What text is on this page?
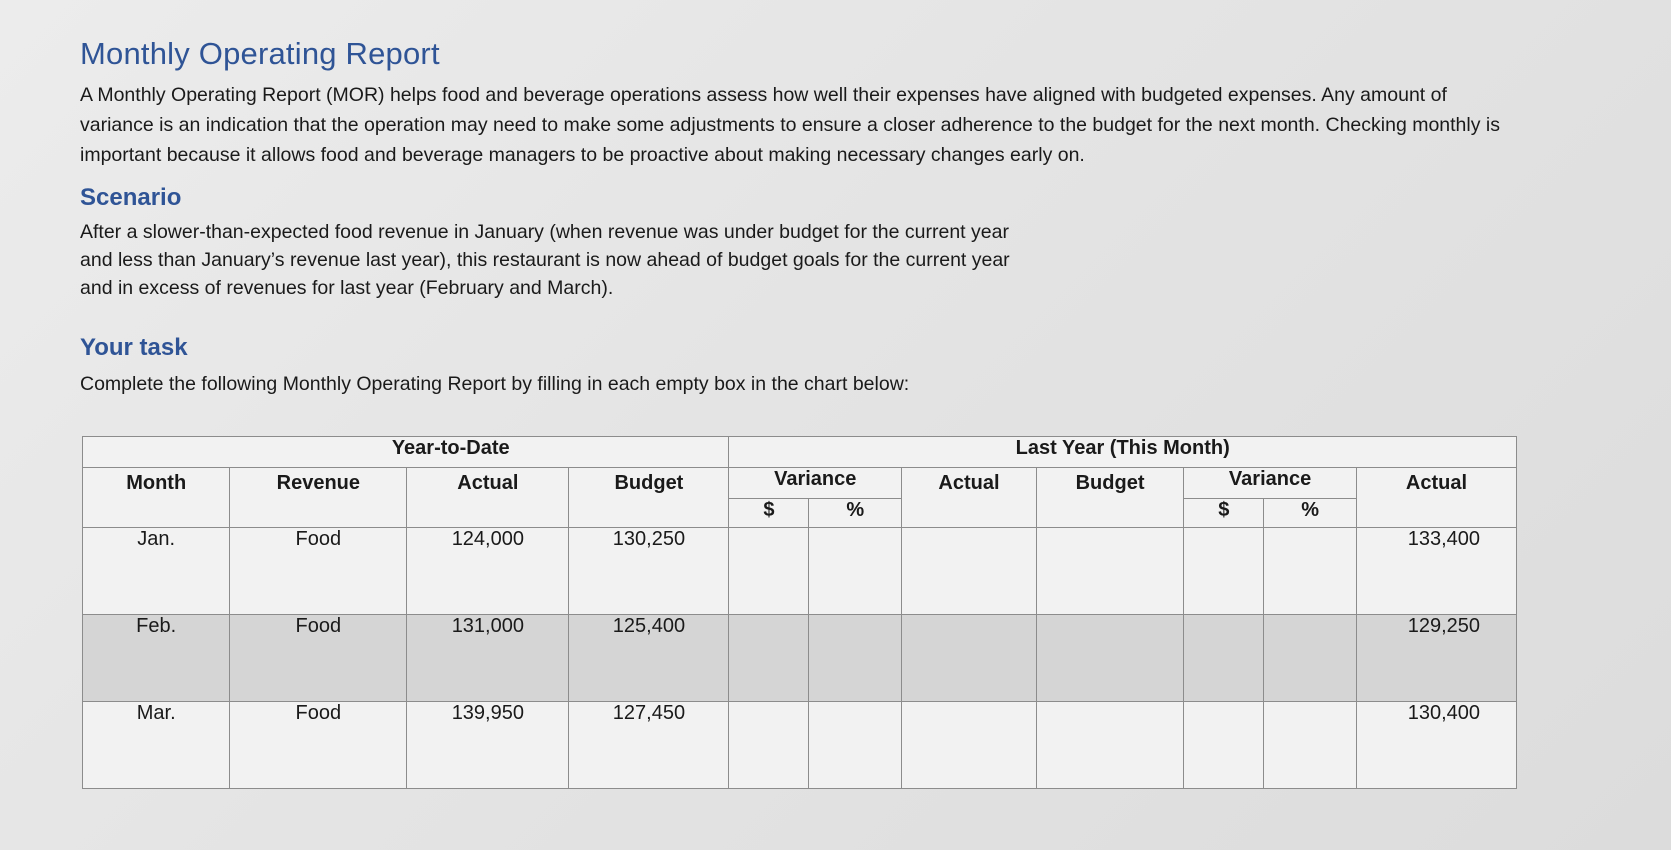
Monthly Operating Report

A Monthly Operating Report (MOR) helps food and beverage operations assess how well their expenses have aligned with budgeted expenses. Any amount of variance is an indication that the operation may need to make some adjustments to ensure a closer adherence to the budget for the next month. Checking monthly is important because it allows food and beverage managers to be proactive about making necessary changes early on.

Scenario

After a slower-than-expected food revenue in January (when revenue was under budget for the current year and less than January’s revenue last year), this restaurant is now ahead of budget goals for the current year and in excess of revenues for last year (February and March).

Your task

Complete the following Monthly Operating Report by filling in each empty box in the chart below:

Year-to-Date				Last Year (This Month)						
Month	Revenue	Actual	Budget	Variance		Actual	Budget	Variance		Actual
				$	%			$	%	
Jan.	Food	124,000	130,250							133,400
Feb.	Food	131,000	125,400							129,250
Mar.	Food	139,950	127,450							130,400
